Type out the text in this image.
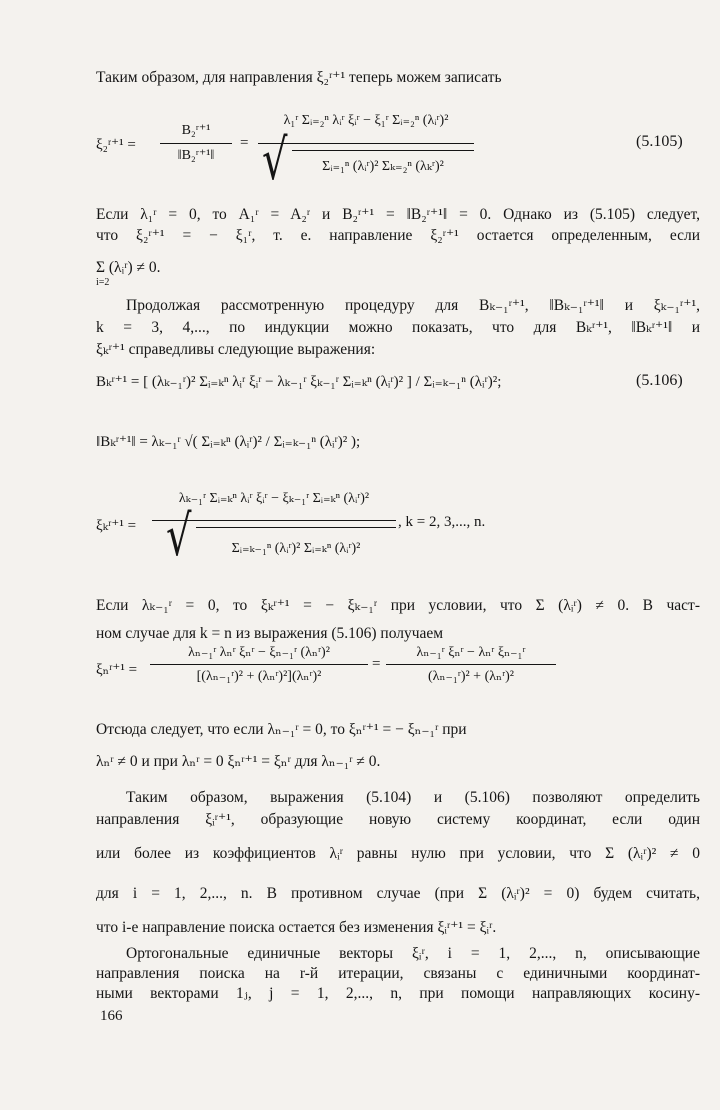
Таким образом, для направления ξ₂ʳ⁺¹ теперь можем записать
ξ₂ʳ⁺¹ =
B₂ʳ⁺¹
‖B₂ʳ⁺¹‖
=
λ₁ʳ Σᵢ₌₂ⁿ λᵢʳ ξᵢʳ − ξ₁ʳ Σᵢ₌₂ⁿ (λᵢʳ)²
√	Σᵢ₌₁ⁿ (λᵢʳ)² Σₖ₌₂ⁿ (λₖʳ)²
(5.105)
Если λ₁ʳ = 0, то A₁ʳ = A₂ʳ и B₂ʳ⁺¹ = ‖B₂ʳ⁺¹‖ = 0. Однако из (5.105) следует,
что ξ₂ʳ⁺¹ = − ξ₁ʳ, т. е. направление ξ₂ʳ⁺¹ остается определенным, если
Σ (λᵢʳ) ≠ 0.
i=2
Продолжая рассмотренную процедуру для Bₖ₋₁ʳ⁺¹, ‖Bₖ₋₁ʳ⁺¹‖ и ξₖ₋₁ʳ⁺¹,
k = 3, 4,..., по индукции можно показать, что для Bₖʳ⁺¹, ‖Bₖʳ⁺¹‖ и
ξₖʳ⁺¹ справедливы следующие выражения:
Bₖʳ⁺¹ = [ (λₖ₋₁ʳ)² Σᵢ₌ₖⁿ λᵢʳ ξᵢʳ − λₖ₋₁ʳ ξₖ₋₁ʳ Σᵢ₌ₖⁿ (λᵢʳ)² ] / Σᵢ₌ₖ₋₁ⁿ (λᵢʳ)²;	(5.106)
‖Bₖʳ⁺¹‖ = λₖ₋₁ʳ √( Σᵢ₌ₖⁿ (λᵢʳ)² / Σᵢ₌ₖ₋₁ⁿ (λᵢʳ)² );
ξₖʳ⁺¹ =
λₖ₋₁ʳ Σᵢ₌ₖⁿ λᵢʳ ξᵢʳ − ξₖ₋₁ʳ Σᵢ₌ₖⁿ (λᵢʳ)²
√	Σᵢ₌ₖ₋₁ⁿ (λᵢʳ)² Σᵢ₌ₖⁿ (λᵢʳ)²
, k = 2, 3,..., n.
Если λₖ₋₁ʳ = 0, то ξₖʳ⁺¹ = − ξₖ₋₁ʳ при условии, что Σ (λᵢʳ) ≠ 0. В част-
ном случае для k = n из выражения (5.106) получаем
ξₙʳ⁺¹ =
λₙ₋₁ʳ λₙʳ ξₙʳ − ξₙ₋₁ʳ (λₙʳ)²
[(λₙ₋₁ʳ)² + (λₙʳ)²](λₙʳ)²
=
λₙ₋₁ʳ ξₙʳ − λₙʳ ξₙ₋₁ʳ
(λₙ₋₁ʳ)² + (λₙʳ)²
Отсюда следует, что если λₙ₋₁ʳ = 0, то ξₙʳ⁺¹ = − ξₙ₋₁ʳ при
λₙʳ ≠ 0 и при λₙʳ = 0 ξₙʳ⁺¹ = ξₙʳ для λₙ₋₁ʳ ≠ 0.
Таким образом, выражения (5.104) и (5.106) позволяют определить
направления ξᵢʳ⁺¹, образующие новую систему координат, если один
или более из коэффициентов λᵢʳ равны нулю при условии, что Σ (λᵢʳ)² ≠ 0
для i = 1, 2,..., n. В противном случае (при Σ (λᵢʳ)² = 0) будем считать,
что i-е направление поиска остается без изменения ξᵢʳ⁺¹ = ξᵢʳ.
Ортогональные единичные векторы ξᵢʳ, i = 1, 2,..., n, описывающие
направления поиска на r-й итерации, связаны с единичными координат-
ными векторами 1ⱼ, j = 1, 2,..., n, при помощи направляющих косину-
166
